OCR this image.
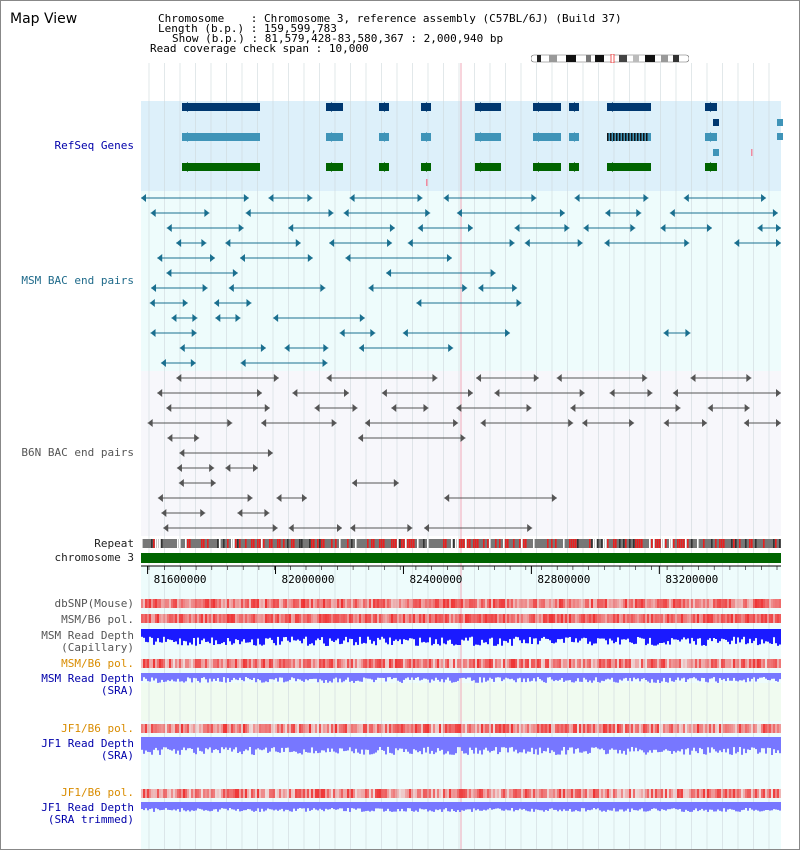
Map View	Chromosome    : Chromosome 3, reference assembly (C57BL/6J) (Build 37)
Length (b.p.) : 159,599,783
Show (b.p.) : 81,579,428-83,580,367 : 2,000,940 bp
Read coverage check span : 10,000
RefSeq Genes
MSM BAC end pairs
B6N BAC end pairs
Repeat
chromosome 3
dbSNP(Mouse)
MSM/B6 pol.
MSM Read Depth
(Capillary)
MSM/B6 pol.
MSM Read Depth
(SRA)
JF1/B6 pol.
JF1 Read Depth
(SRA)
JF1/B6 pol.
JF1 Read Depth
(SRA trimmed)
81600000	82000000	82400000	82800000	83200000
